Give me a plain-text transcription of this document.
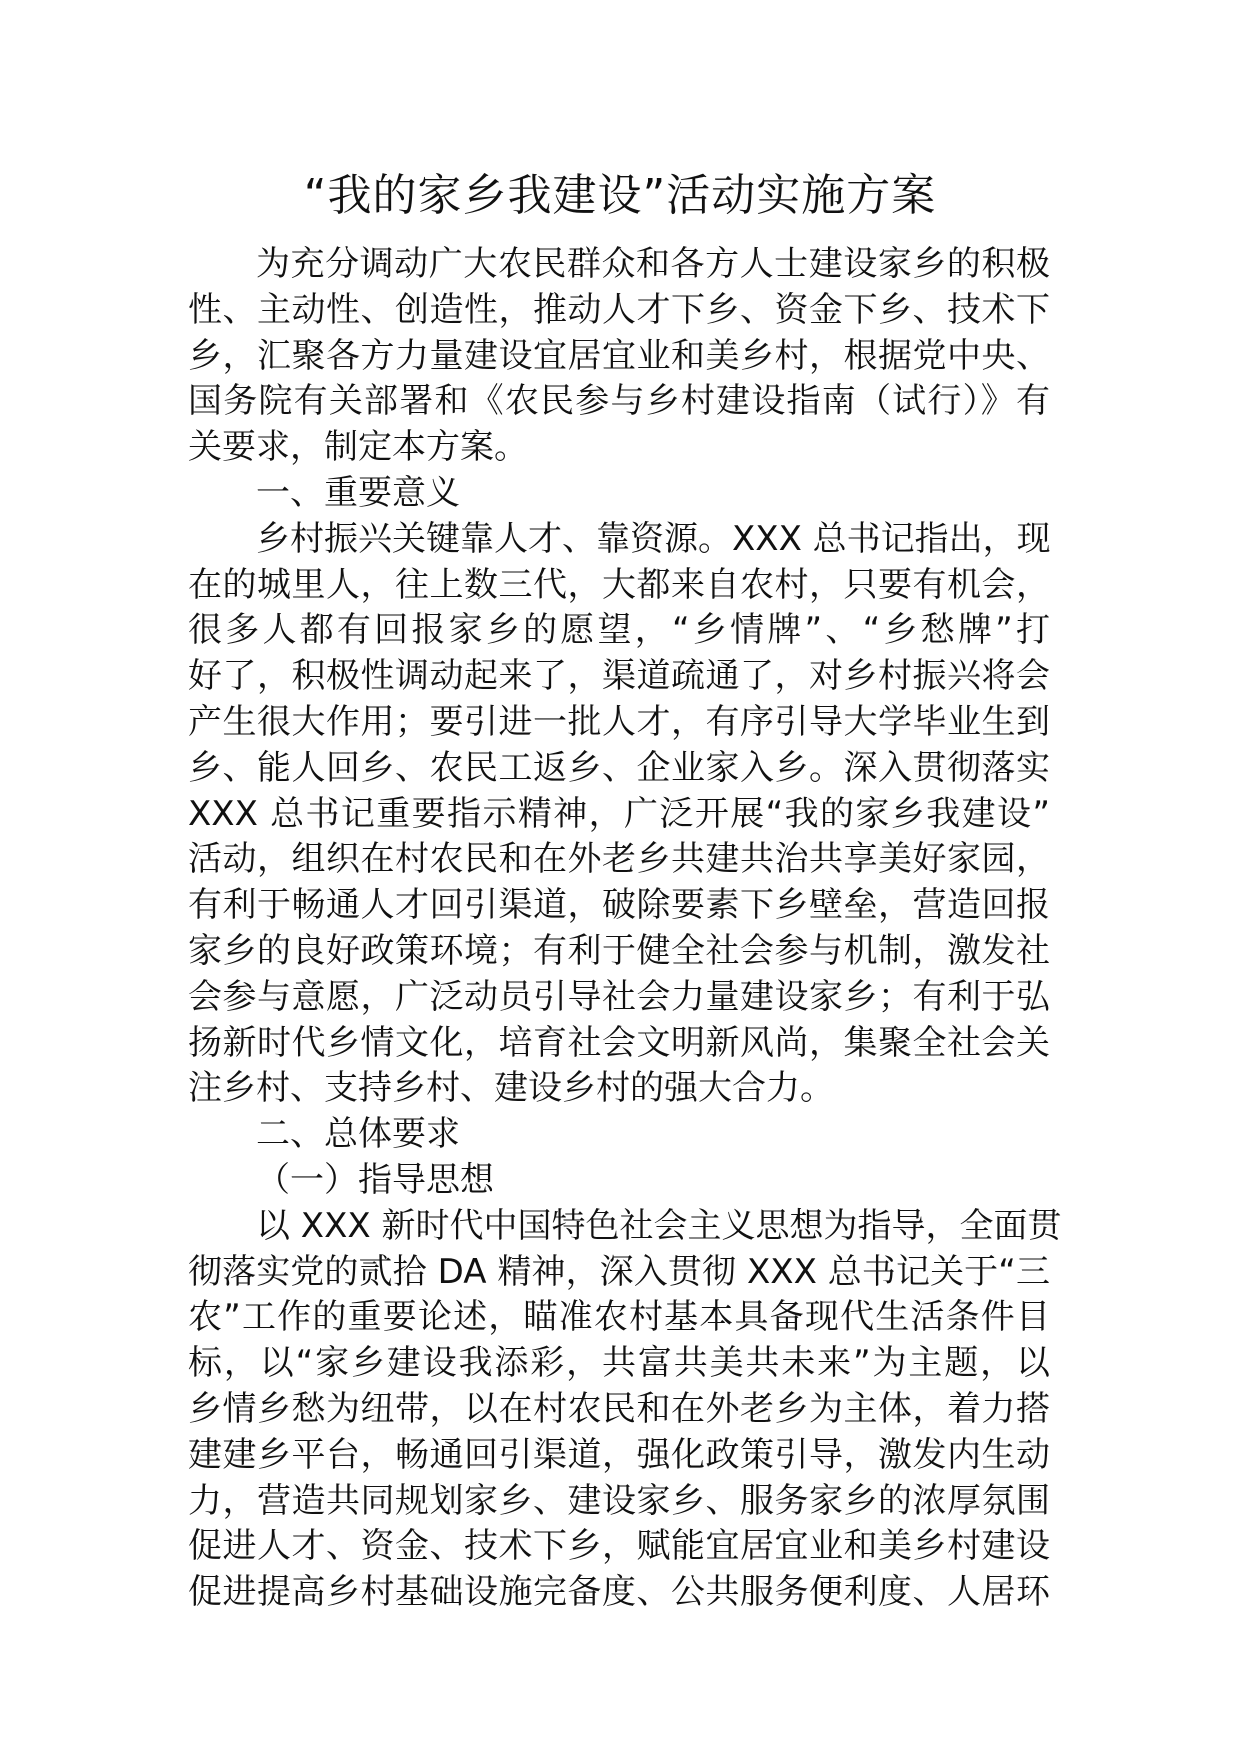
“我的家乡我建设”活动实施方案
为充分调动广大农民群众和各方人士建设家乡的积极
性、主动性、创造性，推动人才下乡、资金下乡、技术下
乡，汇聚各方力量建设宜居宜业和美乡村，根据党中央、
国务院有关部署和《农民参与乡村建设指南（试行）》有
关要求，制定本方案。
一、重要意义
乡村振兴关键靠人才、靠资源。XXX 总书记指出，现
在的城里人，往上数三代，大都来自农村，只要有机会，
很多人都有回报家乡的愿望，“乡情牌”、“乡愁牌”打
好了，积极性调动起来了，渠道疏通了，对乡村振兴将会
产生很大作用；要引进一批人才，有序引导大学毕业生到
乡、能人回乡、农民工返乡、企业家入乡。深入贯彻落实
XXX 总书记重要指示精神，广泛开展“我的家乡我建设”
活动，组织在村农民和在外老乡共建共治共享美好家园，
有利于畅通人才回引渠道，破除要素下乡壁垒，营造回报
家乡的良好政策环境；有利于健全社会参与机制，激发社
会参与意愿，广泛动员引导社会力量建设家乡；有利于弘
扬新时代乡情文化，培育社会文明新风尚，集聚全社会关
注乡村、支持乡村、建设乡村的强大合力。
二、总体要求
（一）指导思想
以 XXX 新时代中国特色社会主义思想为指导，全面贯
彻落实党的贰拾 DA 精神，深入贯彻 XXX 总书记关于“三
农”工作的重要论述，瞄准农村基本具备现代生活条件目
标，以“家乡建设我添彩，共富共美共未来”为主题，以
乡情乡愁为纽带，以在村农民和在外老乡为主体，着力搭
建建乡平台，畅通回引渠道，强化政策引导，激发内生动
力，营造共同规划家乡、建设家乡、服务家乡的浓厚氛围
促进人才、资金、技术下乡，赋能宜居宜业和美乡村建设
促进提高乡村基础设施完备度、公共服务便利度、人居环
